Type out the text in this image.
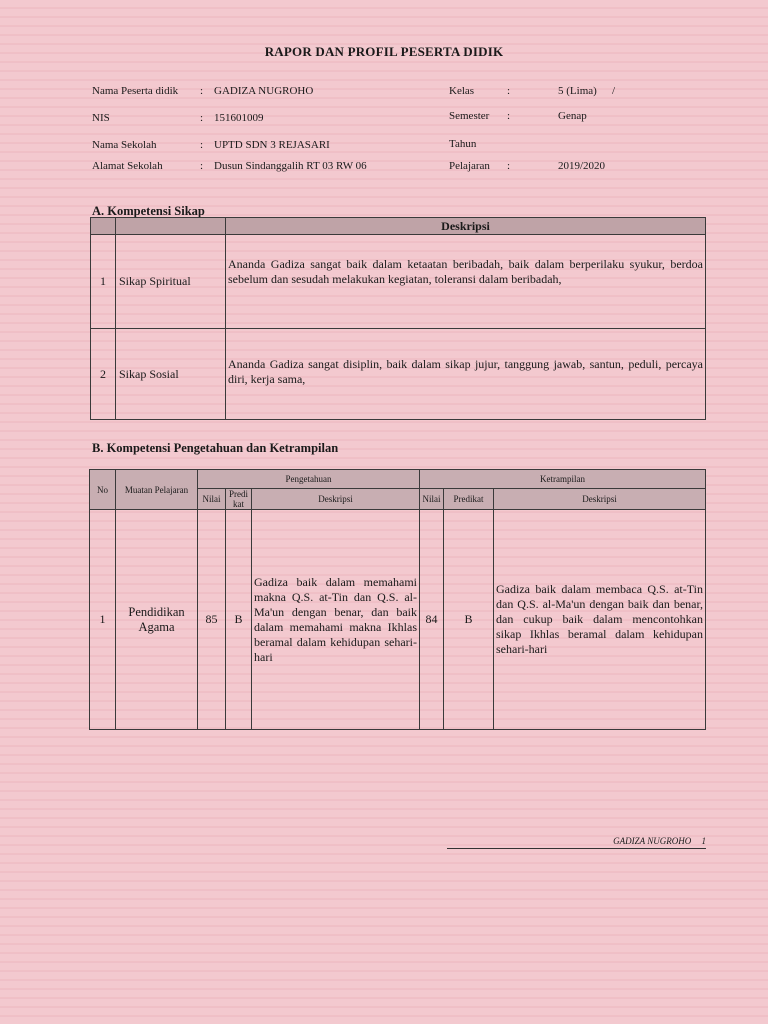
RAPOR DAN PROFIL PESERTA DIDIK
Nama Peserta didik : GADIZA NUGROHO
NIS	: 151601009
Nama Sekolah	: UPTD SDN 3 REJASARI
Alamat Sekolah	: Dusun Sindanggalih RT 03 RW 06
Kelas	:	5 (Lima) /
Semester :	Genap
Tahun
Pelajaran :	2019/2020
A. Kompetensi Sikap
		Deskripsi
1	Sikap Spiritual	Ananda Gadiza sangat baik dalam ketaatan beribadah, baik dalam berperilaku syukur, berdoa sebelum dan sesudah melakukan kegiatan, toleransi dalam beribadah,
2	Sikap Sosial	Ananda Gadiza sangat disiplin, baik dalam sikap jujur, tanggung jawab, santun, peduli, percaya diri, kerja sama,
B. Kompetensi Pengetahuan dan Ketrampilan
No	Muatan Pelajaran	Pengetahuan			Ketrampilan		
		Nilai	Predi kat	Deskripsi	Nilai	Predikat	Deskripsi
1	Pendidikan Agama	85	B	Gadiza baik dalam memahami makna Q.S. at-Tin dan Q.S. al-Ma'un dengan benar, dan baik dalam memahami makna Ikhlas beramal dalam kehidupan sehari-hari	84	B	Gadiza baik dalam membaca Q.S. at-Tin dan Q.S. al-Ma'un dengan baik dan benar, dan cukup baik dalam mencontohkan sikap Ikhlas beramal dalam kehidupan sehari-hari
GADIZA NUGROHO 1
